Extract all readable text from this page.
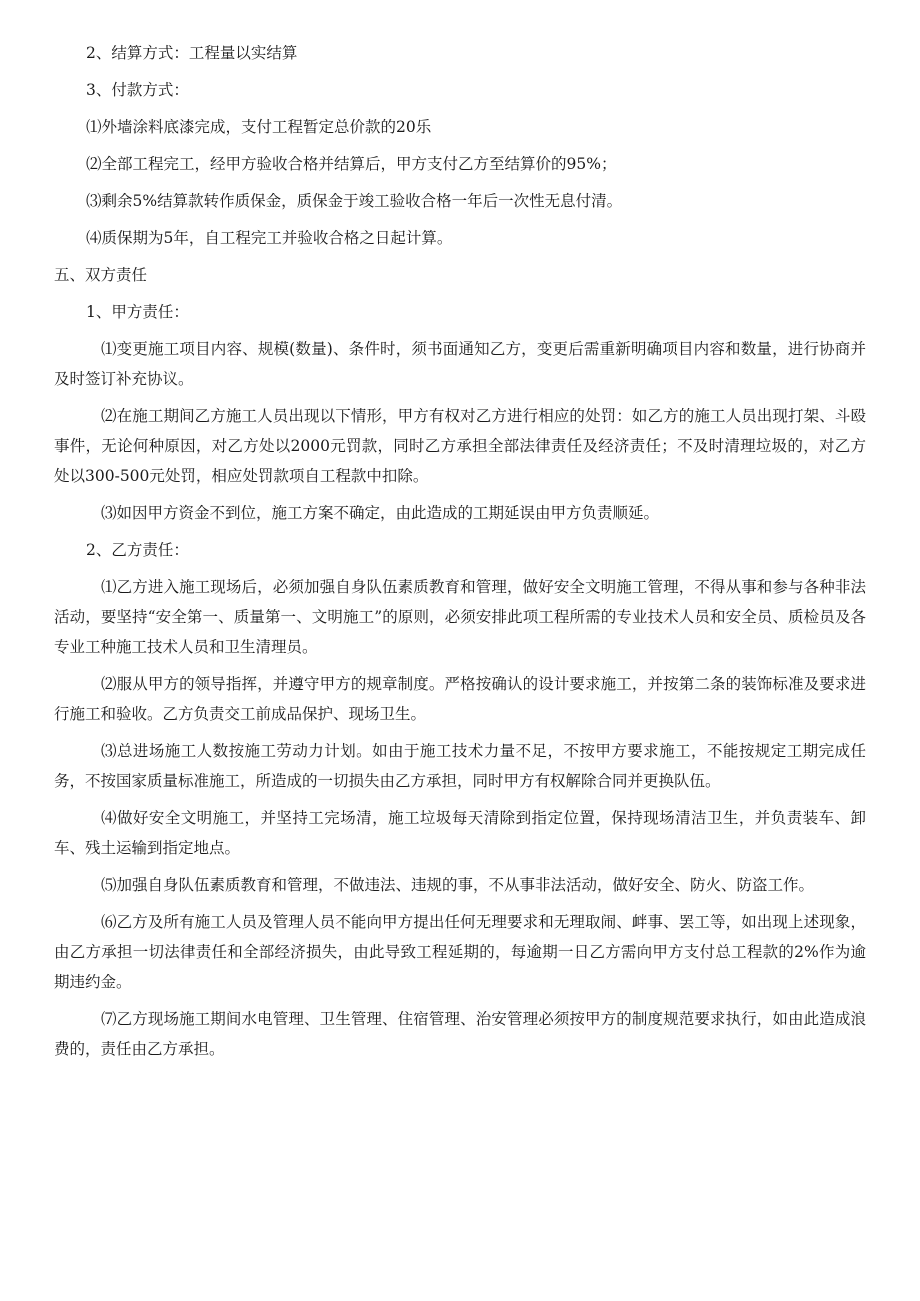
2、结算方式：工程量以实结算

3、付款方式：

⑴外墙涂料底漆完成，支付工程暂定总价款的20乐

⑵全部工程完工，经甲方验收合格并结算后，甲方支付乙方至结算价的95%；

⑶剩余5%结算款转作质保金，质保金于竣工验收合格一年后一次性无息付清。

⑷质保期为5年，自工程完工并验收合格之日起计算。

五、双方责任

1、甲方责任：

⑴变更施工项目内容、规模(数量)、条件时，须书面通知乙方，变更后需重新明确项目内容和数量，进行协商并及时签订补充协议。

⑵在施工期间乙方施工人员出现以下情形，甲方有权对乙方进行相应的处罚：如乙方的施工人员出现打架、斗殴事件，无论何种原因，对乙方处以2000元罚款，同时乙方承担全部法律责任及经济责任；不及时清理垃圾的，对乙方处以300-500元处罚，相应处罚款项自工程款中扣除。

⑶如因甲方资金不到位，施工方案不确定，由此造成的工期延误由甲方负责顺延。

2、乙方责任：

⑴乙方进入施工现场后，必须加强自身队伍素质教育和管理，做好安全文明施工管理，不得从事和参与各种非法活动，要坚持“安全第一、质量第一、文明施工”的原则，必须安排此项工程所需的专业技术人员和安全员、质检员及各专业工种施工技术人员和卫生清理员。

⑵服从甲方的领导指挥，并遵守甲方的规章制度。严格按确认的设计要求施工，并按第二条的装饰标准及要求进行施工和验收。乙方负责交工前成品保护、现场卫生。

⑶总进场施工人数按施工劳动力计划。如由于施工技术力量不足，不按甲方要求施工，不能按规定工期完成任务，不按国家质量标准施工，所造成的一切损失由乙方承担，同时甲方有权解除合同并更换队伍。

⑷做好安全文明施工，并坚持工完场清，施工垃圾每天清除到指定位置，保持现场清洁卫生，并负责装车、卸车、残土运输到指定地点。

⑸加强自身队伍素质教育和管理，不做违法、违规的事，不从事非法活动，做好安全、防火、防盗工作。

⑹乙方及所有施工人员及管理人员不能向甲方提出任何无理要求和无理取闹、衅事、罢工等，如出现上述现象，由乙方承担一切法律责任和全部经济损失，由此导致工程延期的，每逾期一日乙方需向甲方支付总工程款的2%作为逾期违约金。

⑺乙方现场施工期间水电管理、卫生管理、住宿管理、治安管理必须按甲方的制度规范要求执行，如由此造成浪费的，责任由乙方承担。
